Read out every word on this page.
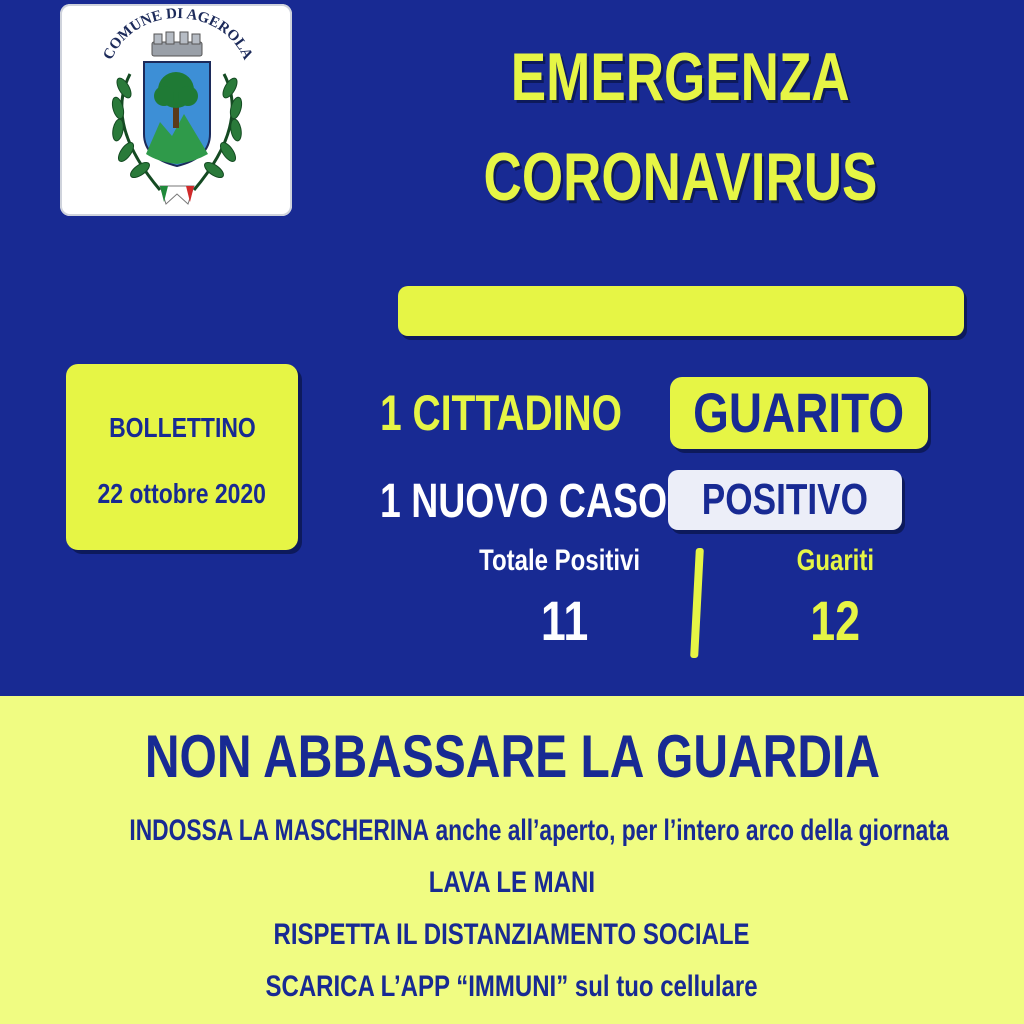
COMUNE DI AGEROLA	EMERGENZA
CORONAVIRUS
BOLLETTINO
22 ottobre 2020
1 CITTADINO	GUARITO
1 NUOVO CASO POSITIVO
Totale Positivi
11
Guariti
12
NON ABBASSARE LA GUARDIA
INDOSSA LA MASCHERINA anche all’aperto, per l’intero arco della giornata
LAVA LE MANI
RISPETTA IL DISTANZIAMENTO SOCIALE
SCARICA L’APP “IMMUNI” sul tuo cellulare
